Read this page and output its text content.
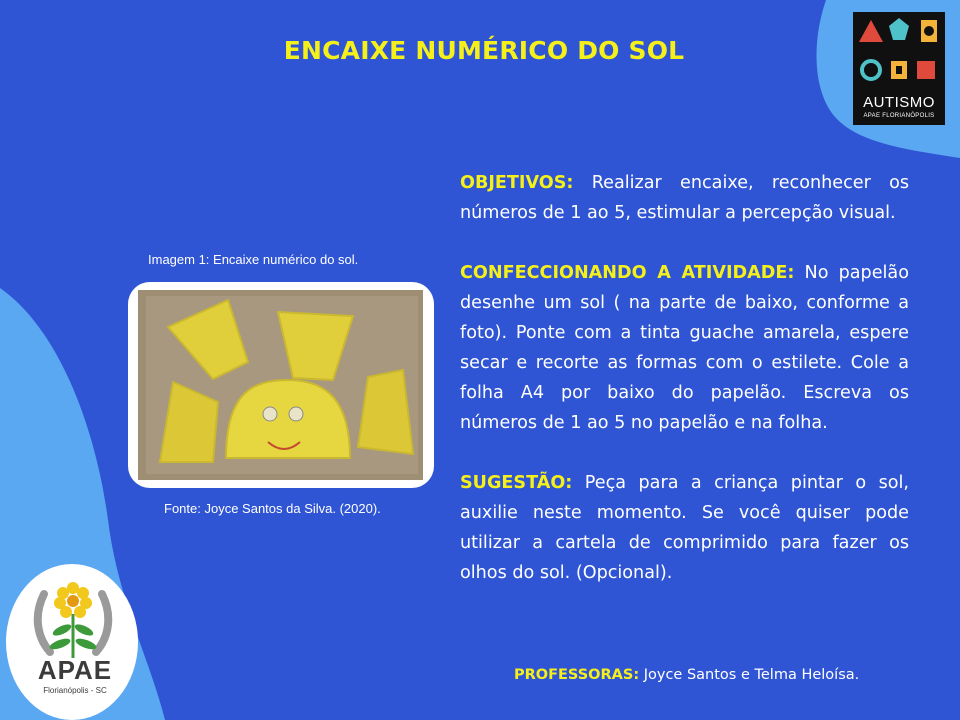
ENCAIXE NUMÉRICO DO SOL
Imagem 1: Encaixe numérico do sol.
Fonte: Joyce Santos da Silva. (2020).

OBJETIVOS: Realizar encaixe, reconhecer os números de 1 ao 5, estimular a percepção visual.

CONFECCIONANDO A ATIVIDADE: No papelão desenhe um sol ( na parte de baixo, conforme a foto). Ponte com a tinta guache amarela, espere secar e recorte as formas com o estilete. Cole a folha A4 por baixo do papelão. Escreva os números de 1 ao 5 no papelão e na folha.

SUGESTÃO: Peça para a criança pintar o sol, auxilie neste momento. Se você quiser pode utilizar a cartela de comprimido para fazer os olhos do sol. (Opcional).

PROFESSORAS: Joyce Santos e Telma Heloísa.
AUTISMO
APAE FLORIANÓPOLIS
APAE
Florianópolis - SC
